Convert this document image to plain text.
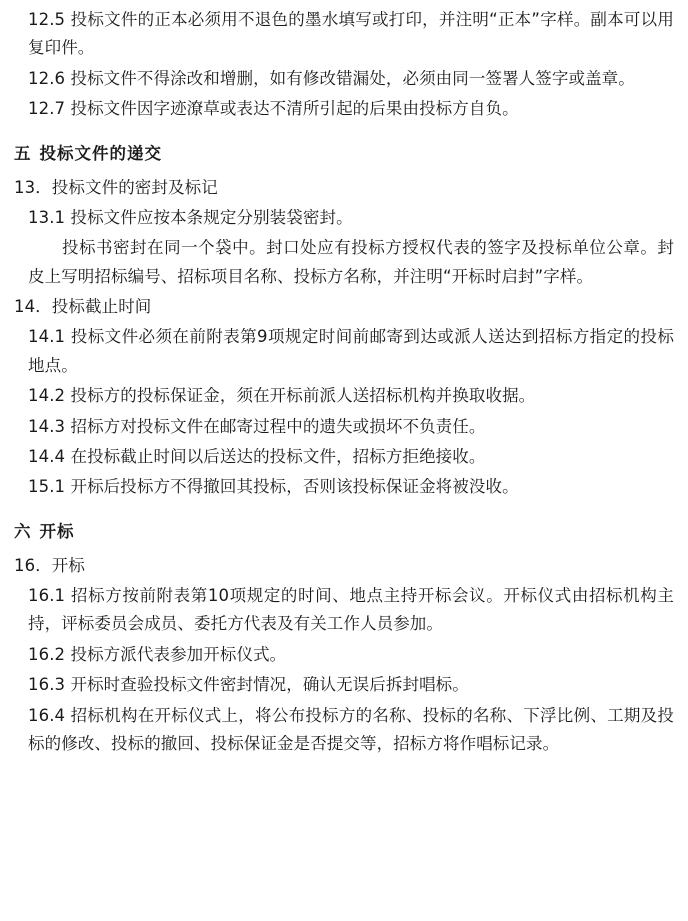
12.5 投标文件的正本必须用不退色的墨水填写或打印，并注明“正本”字样。副本可以用复印件。

12.6 投标文件不得涂改和增删，如有修改错漏处，必须由同一签署人签字或盖章。

12.7 投标文件因字迹潦草或表达不清所引起的后果由投标方自负。

五 投标文件的递交

13．投标文件的密封及标记

13.1 投标文件应按本条规定分别装袋密封。

投标书密封在同一个袋中。封口处应有投标方授权代表的签字及投标单位公章。封皮上写明招标编号、招标项目名称、投标方名称，并注明“开标时启封”字样。

14．投标截止时间

14.1 投标文件必须在前附表第9项规定时间前邮寄到达或派人送达到招标方指定的投标地点。

14.2 投标方的投标保证金，须在开标前派人送招标机构并换取收据。

14.3 招标方对投标文件在邮寄过程中的遗失或损坏不负责任。

14.4 在投标截止时间以后送达的投标文件，招标方拒绝接收。

15.1 开标后投标方不得撤回其投标，否则该投标保证金将被没收。

六 开标

16．开标

16.1 招标方按前附表第10项规定的时间、地点主持开标会议。开标仪式由招标机构主持，评标委员会成员、委托方代表及有关工作人员参加。

16.2 投标方派代表参加开标仪式。

16.3 开标时查验投标文件密封情况，确认无误后拆封唱标。

16.4 招标机构在开标仪式上，将公布投标方的名称、投标的名称、下浮比例、工期及投标的修改、投标的撤回、投标保证金是否提交等，招标方将作唱标记录。
